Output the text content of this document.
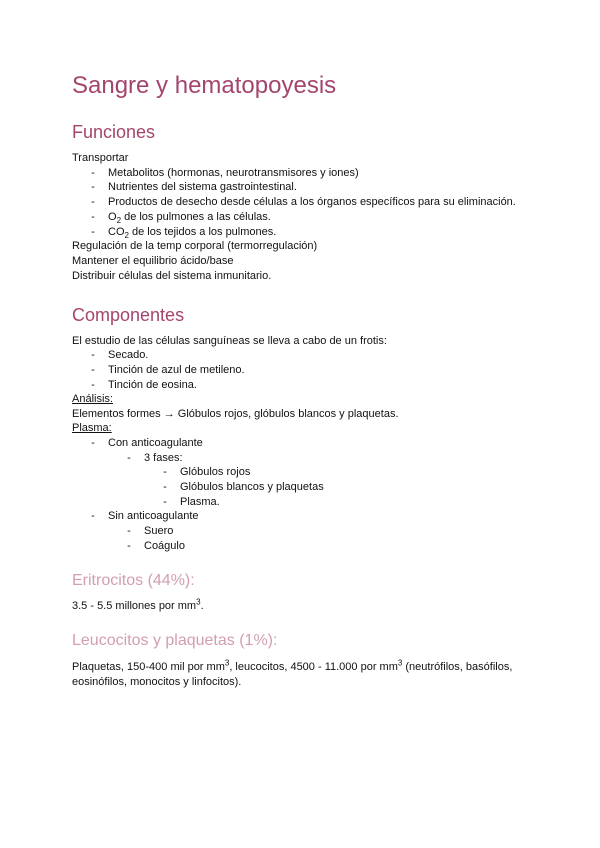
Sangre y hematopoyesis
Funciones
Transportar
- Metabolitos (hormonas, neurotransmisores y iones)
- Nutrientes del sistema gastrointestinal.
- Productos de desecho desde células a los órganos específicos para su eliminación.
- $O_2$ de los pulmones a las células.
- $CO_2$ de los tejidos a los pulmones.
Regulación de la temp corporal (termorregulación)
Mantener el equilibrio ácido/base
Distribuir células del sistema inmunitario.
Componentes
El estudio de las células sanguíneas se lleva a cabo de un frotis:
- Secado.
- Tinción de azul de metileno.
- Tinción de eosina.
Análisis:
Elementos formes → Glóbulos rojos, glóbulos blancos y plaquetas.
Plasma:
- Con anticoagulante
- 3 fases:
- Glóbulos rojos
- Glóbulos blancos y plaquetas
- Plasma.
- Sin anticoagulante
- Suero
- Coágulo
Eritrocitos (44%):
3.5 - 5.5 millones por $mm^3$.
Leucocitos y plaquetas (1%):
Plaquetas, 150-400 mil por $mm^3$, leucocitos, 4500 - 11.000 por $mm^3$ (neutrófilos, basófilos,
eosinófilos, monocitos y linfocitos).
